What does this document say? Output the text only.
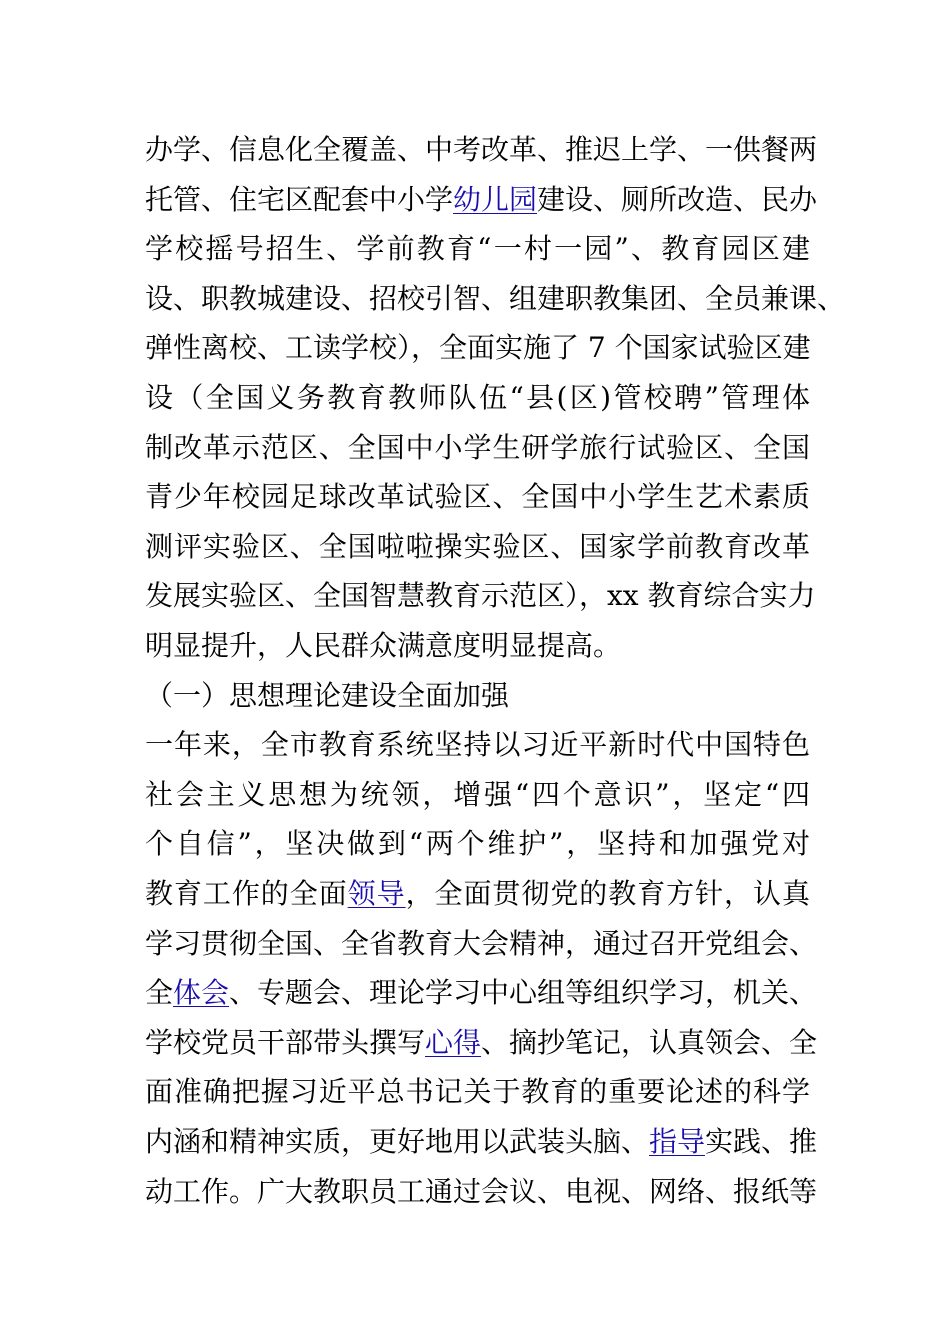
办学、信息化全覆盖、中考改革、推迟上学、一供餐两
托管、住宅区配套中小学幼儿园建设、厕所改造、民办
学校摇号招生、学前教育“一村一园”、教育园区建
设、职教城建设、招校引智、组建职教集团、全员兼课、
弹性离校、工读学校），全面实施了 7 个国家试验区建
设（全国义务教育教师队伍“县(区)管校聘”管理体
制改革示范区、全国中小学生研学旅行试验区、全国
青少年校园足球改革试验区、全国中小学生艺术素质
测评实验区、全国啦啦操实验区、国家学前教育改革
发展实验区、全国智慧教育示范区），xx 教育综合实力
明显提升，人民群众满意度明显提高。
（一）思想理论建设全面加强
一年来，全市教育系统坚持以习近平新时代中国特色
社会主义思想为统领，增强“四个意识”，坚定“四
个自信”，坚决做到“两个维护”，坚持和加强党对
教育工作的全面领导，全面贯彻党的教育方针，认真
学习贯彻全国、全省教育大会精神，通过召开党组会、
全体会、专题会、理论学习中心组等组织学习，机关、
学校党员干部带头撰写心得、摘抄笔记，认真领会、全
面准确把握习近平总书记关于教育的重要论述的科学
内涵和精神实质，更好地用以武装头脑、指导实践、推
动工作。广大教职员工通过会议、电视、网络、报纸等
